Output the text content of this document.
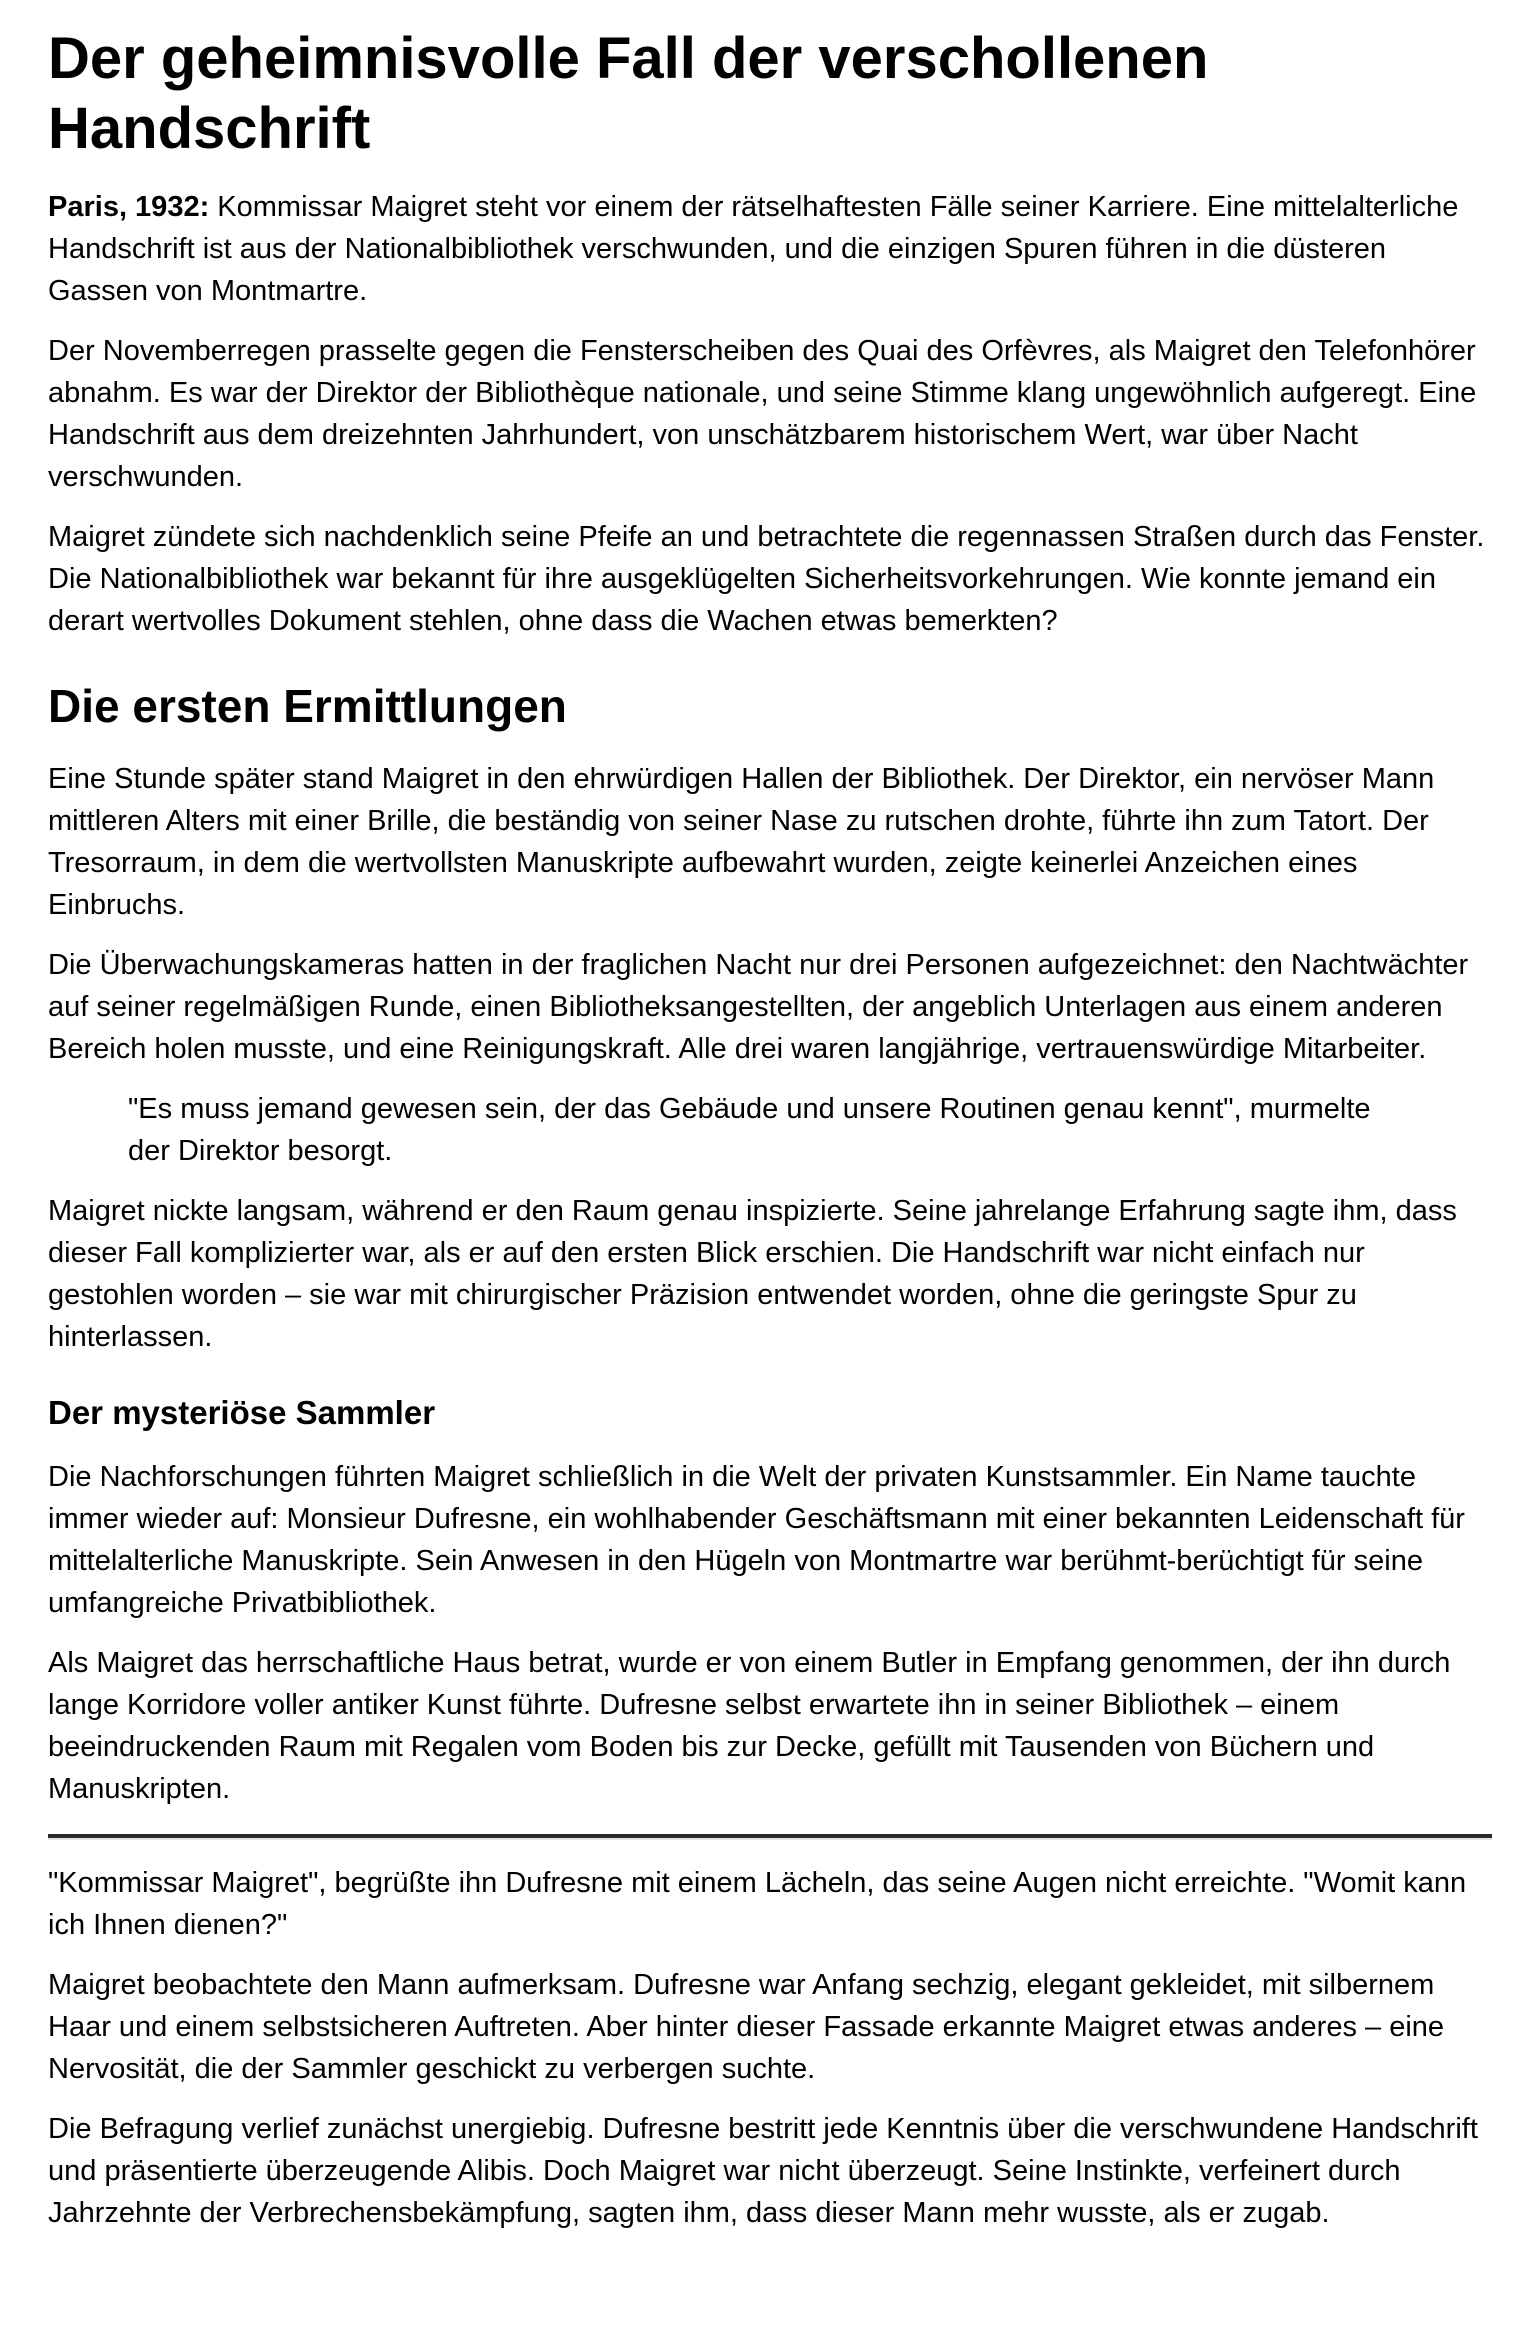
Der geheimnisvolle Fall der verschollenen Handschrift

Paris, 1932: Kommissar Maigret steht vor einem der rätselhaftesten Fälle seiner Karriere. Eine mittelalterliche Handschrift ist aus der Nationalbibliothek verschwunden, und die einzigen Spuren führen in die düsteren Gassen von Montmartre.

Der Novemberregen prasselte gegen die Fensterscheiben des Quai des Orfèvres, als Maigret den Telefonhörer abnahm. Es war der Direktor der Bibliothèque nationale, und seine Stimme klang ungewöhnlich aufgeregt. Eine Handschrift aus dem dreizehnten Jahrhundert, von unschätzbarem historischem Wert, war über Nacht verschwunden.

Maigret zündete sich nachdenklich seine Pfeife an und betrachtete die regennassen Straßen durch das Fenster. Die Nationalbibliothek war bekannt für ihre ausgeklügelten Sicherheitsvorkehrungen. Wie konnte jemand ein derart wertvolles Dokument stehlen, ohne dass die Wachen etwas bemerkten?

Die ersten Ermittlungen

Eine Stunde später stand Maigret in den ehrwürdigen Hallen der Bibliothek. Der Direktor, ein nervöser Mann mittleren Alters mit einer Brille, die beständig von seiner Nase zu rutschen drohte, führte ihn zum Tatort. Der Tresorraum, in dem die wertvollsten Manuskripte aufbewahrt wurden, zeigte keinerlei Anzeichen eines Einbruchs.

Die Überwachungskameras hatten in der fraglichen Nacht nur drei Personen aufgezeichnet: den Nachtwächter auf seiner regelmäßigen Runde, einen Bibliotheksangestellten, der angeblich Unterlagen aus einem anderen Bereich holen musste, und eine Reinigungskraft. Alle drei waren langjährige, vertrauenswürdige Mitarbeiter.

"Es muss jemand gewesen sein, der das Gebäude und unsere Routinen genau kennt", murmelte der Direktor besorgt.

Maigret nickte langsam, während er den Raum genau inspizierte. Seine jahrelange Erfahrung sagte ihm, dass dieser Fall komplizierter war, als er auf den ersten Blick erschien. Die Handschrift war nicht einfach nur gestohlen worden – sie war mit chirurgischer Präzision entwendet worden, ohne die geringste Spur zu hinterlassen.

Der mysteriöse Sammler

Die Nachforschungen führten Maigret schließlich in die Welt der privaten Kunstsammler. Ein Name tauchte immer wieder auf: Monsieur Dufresne, ein wohlhabender Geschäftsmann mit einer bekannten Leidenschaft für mittelalterliche Manuskripte. Sein Anwesen in den Hügeln von Montmartre war berühmt-berüchtigt für seine umfangreiche Privatbibliothek.

Als Maigret das herrschaftliche Haus betrat, wurde er von einem Butler in Empfang genommen, der ihn durch lange Korridore voller antiker Kunst führte. Dufresne selbst erwartete ihn in seiner Bibliothek – einem beeindruckenden Raum mit Regalen vom Boden bis zur Decke, gefüllt mit Tausenden von Büchern und Manuskripten.

"Kommissar Maigret", begrüßte ihn Dufresne mit einem Lächeln, das seine Augen nicht erreichte. "Womit kann ich Ihnen dienen?"

Maigret beobachtete den Mann aufmerksam. Dufresne war Anfang sechzig, elegant gekleidet, mit silbernem Haar und einem selbstsicheren Auftreten. Aber hinter dieser Fassade erkannte Maigret etwas anderes – eine Nervosität, die der Sammler geschickt zu verbergen suchte.

Die Befragung verlief zunächst unergiebig. Dufresne bestritt jede Kenntnis über die verschwundene Handschrift und präsentierte überzeugende Alibis. Doch Maigret war nicht überzeugt. Seine Instinkte, verfeinert durch Jahrzehnte der Verbrechensbekämpfung, sagten ihm, dass dieser Mann mehr wusste, als er zugab.
